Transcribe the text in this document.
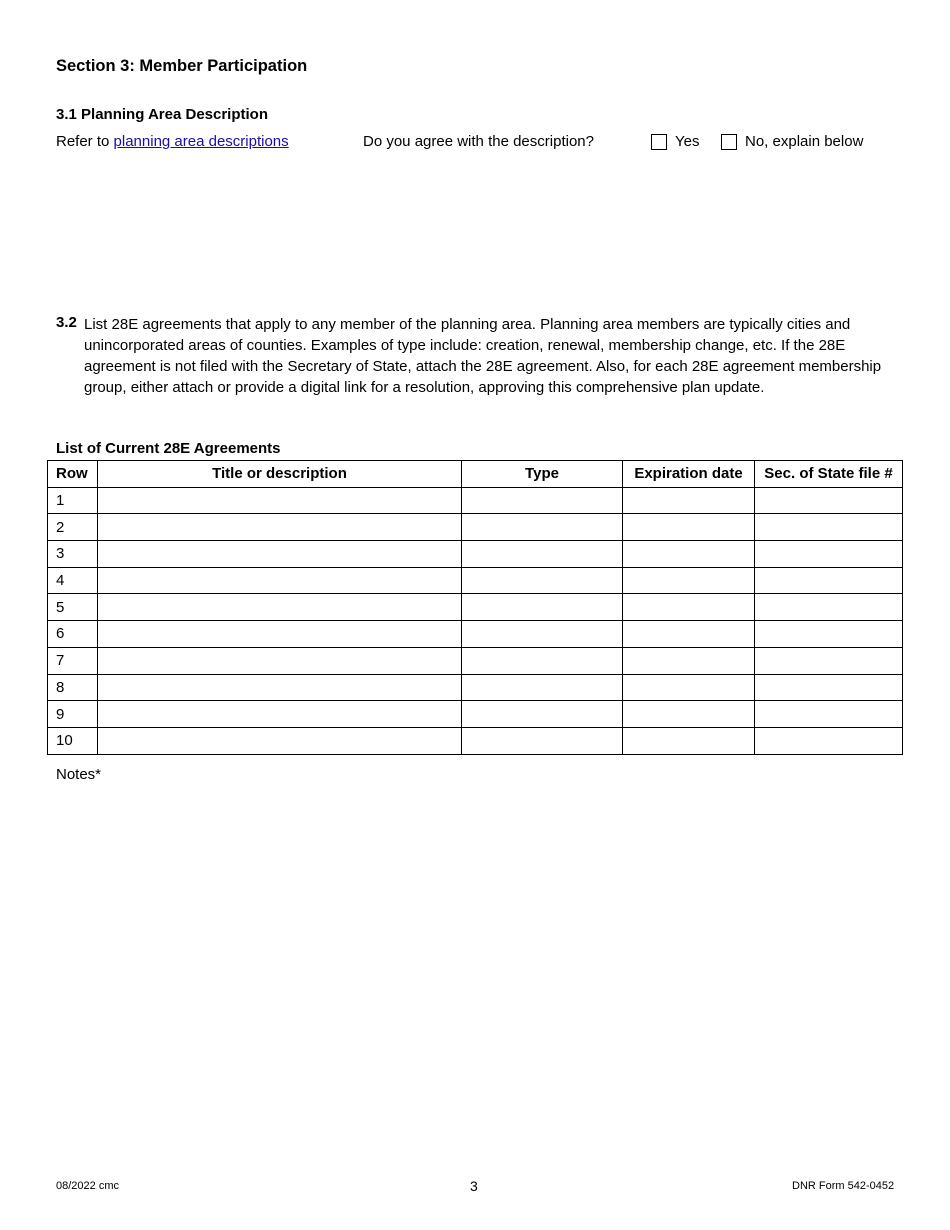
Section 3: Member Participation
3.1 Planning Area Description
Refer to planning area descriptions	Do you agree with the description?	Yes	No, explain below
3.2 List 28E agreements that apply to any member of the planning area. Planning area members are typically cities and unincorporated areas of counties. Examples of type include: creation, renewal, membership change, etc. If the 28E agreement is not filed with the Secretary of State, attach the 28E agreement. Also, for each 28E agreement membership group, either attach or provide a digital link for a resolution, approving this comprehensive plan update.
List of Current 28E Agreements
Row	Title or description	Type	Expiration date	Sec. of State file #
1				
2				
3				
4				
5				
6				
7				
8				
9				
10				
Notes*
08/2022 cmc	3	DNR Form 542-0452
